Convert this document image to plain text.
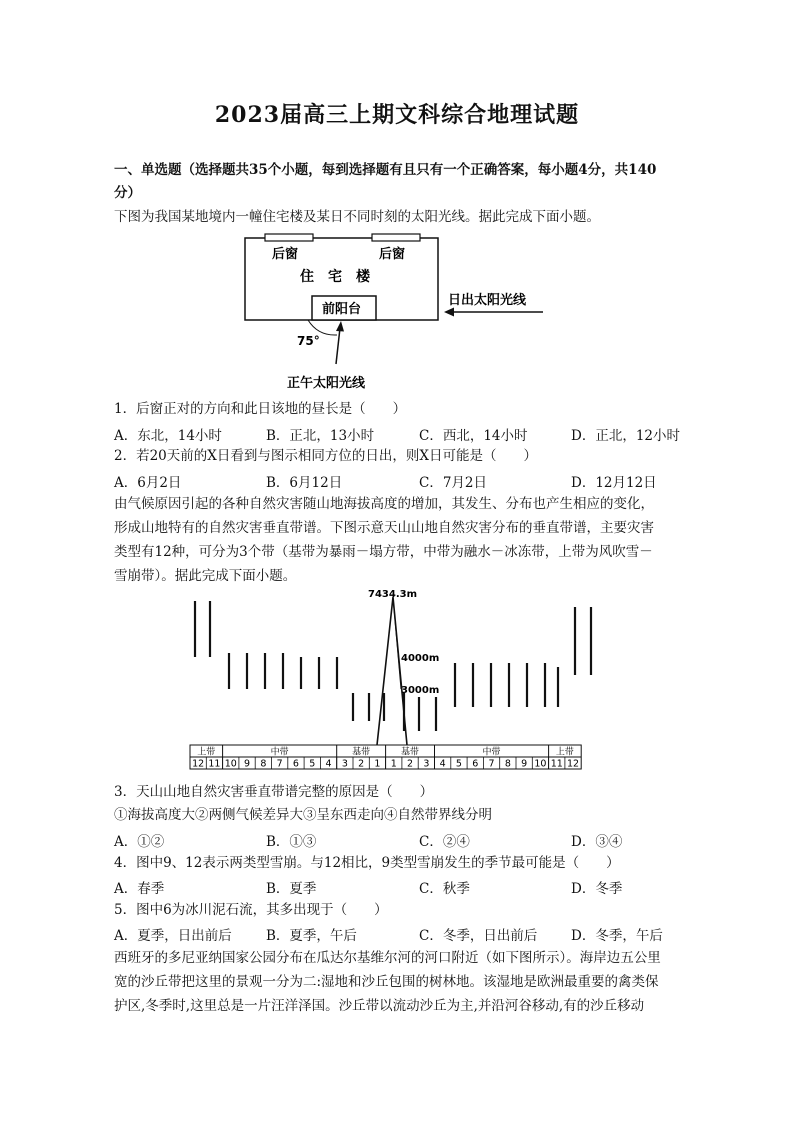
2023届高三上期文科综合地理试题
一、单选题（选择题共35个小题，每到选择题有且只有一个正确答案，每小题4分，共140
分）
下图为我国某地境内一幢住宅楼及某日不同时刻的太阳光线。据此完成下面小题。
后窗	后窗
住　宅　楼
前阳台
日出太阳光线
75°
正午太阳光线
1．后窗正对的方向和此日该地的昼长是（　　）
A．东北，14小时	B．正北，13小时	C．西北，14小时	D．正北，12小时
2．若20天前的X日看到与图示相同方位的日出，则X日可能是（　　）
A．6月2日	B．6月12日	C．7月2日	D．12月12日
由气候原因引起的各种自然灾害随山地海拔高度的增加，其发生、分布也产生相应的变化，
形成山地特有的自然灾害垂直带谱。下图示意天山山地自然灾害分布的垂直带谱，主要灾害
类型有12种，可分为3个带（基带为暴雨－塌方带，中带为融水－冰冻带，上带为风吹雪－
雪崩带）。据此完成下面小题。
7434.3m
4000m
3000m
上带	中带	基带	基带	中带	上带
12 11 10 9 8 7 6 5 4 3 2 1 1 2 3 4 5 6 7 8 9 10 11 12
3．天山山地自然灾害垂直带谱完整的原因是（　　）
①海拔高度大②两侧气候差异大③呈东西走向④自然带界线分明
A．①②	B．①③	C．②④	D．③④
4．图中9、12表示两类型雪崩。与12相比，9类型雪崩发生的季节最可能是（　　）
A．春季	B．夏季	C．秋季	D．冬季
5．图中6为冰川泥石流，其多出现于（　　）
A．夏季，日出前后	B．夏季，午后	C．冬季，日出前后 D．冬季，午后
西班牙的多尼亚纳国家公园分布在瓜达尔基维尔河的河口附近（如下图所示）。海岸边五公里
宽的沙丘带把这里的景观一分为二:湿地和沙丘包围的树林地。该湿地是欧洲最重要的禽类保
护区,冬季时,这里总是一片汪洋泽国。沙丘带以流动沙丘为主,并沿河谷移动,有的沙丘移动
